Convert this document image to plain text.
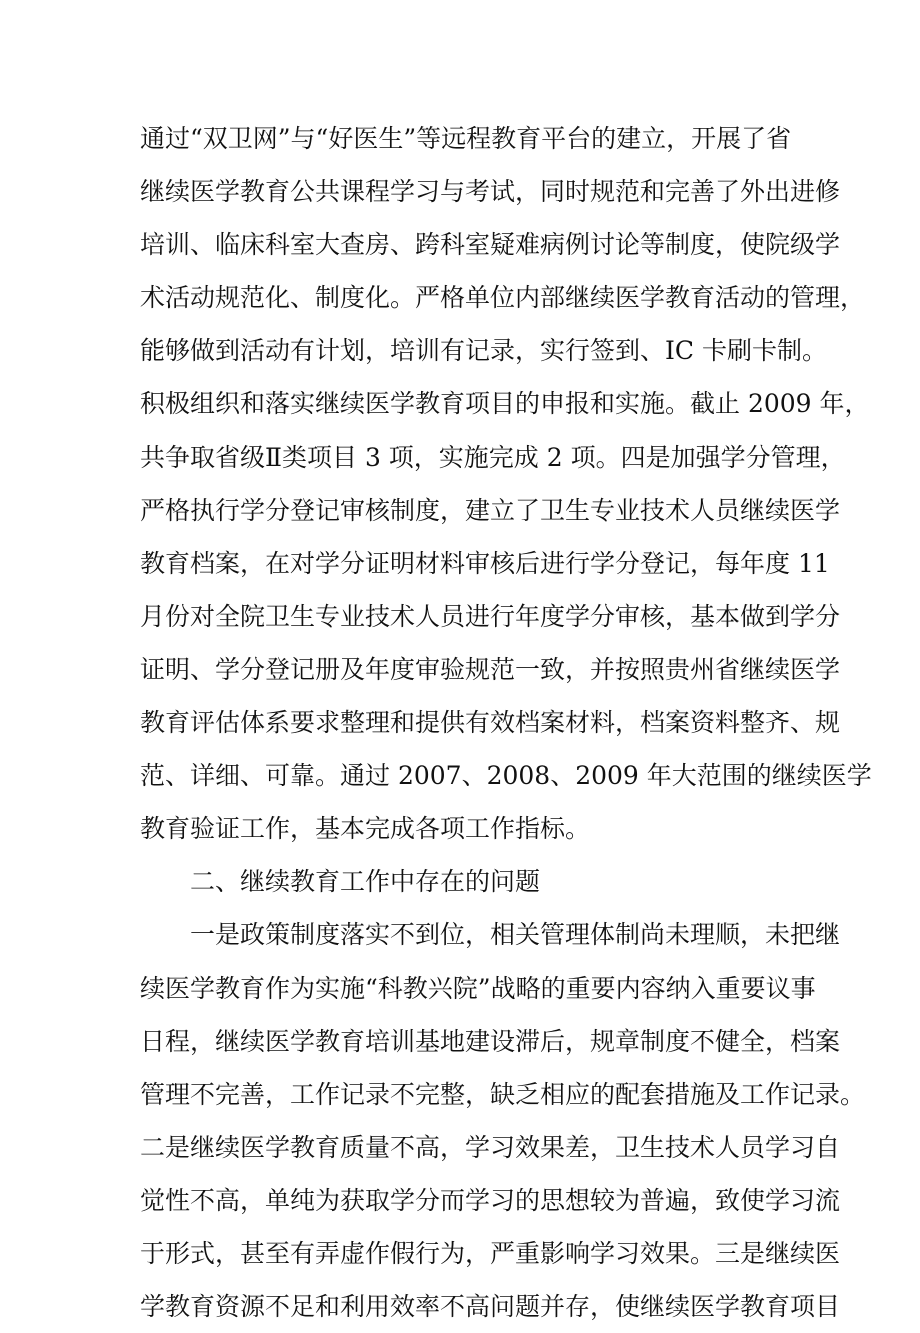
通过“双卫网”与“好医生”等远程教育平台的建立，开展了省
继续医学教育公共课程学习与考试，同时规范和完善了外出进修
培训、临床科室大查房、跨科室疑难病例讨论等制度，使院级学
术活动规范化、制度化。严格单位内部继续医学教育活动的管理，
能够做到活动有计划，培训有记录，实行签到、IC 卡刷卡制。
积极组织和落实继续医学教育项目的申报和实施。截止 2009 年，
共争取省级Ⅱ类项目 3 项，实施完成 2 项。四是加强学分管理，
严格执行学分登记审核制度，建立了卫生专业技术人员继续医学
教育档案，在对学分证明材料审核后进行学分登记，每年度 11
月份对全院卫生专业技术人员进行年度学分审核，基本做到学分
证明、学分登记册及年度审验规范一致，并按照贵州省继续医学
教育评估体系要求整理和提供有效档案材料，档案资料整齐、规
范、详细、可靠。通过 2007、2008、2009 年大范围的继续医学
教育验证工作，基本完成各项工作指标。
二、继续教育工作中存在的问题
一是政策制度落实不到位，相关管理体制尚未理顺，未把继
续医学教育作为实施“科教兴院”战略的重要内容纳入重要议事
日程，继续医学教育培训基地建设滞后，规章制度不健全，档案
管理不完善，工作记录不完整，缺乏相应的配套措施及工作记录。
二是继续医学教育质量不高，学习效果差，卫生技术人员学习自
觉性不高，单纯为获取学分而学习的思想较为普遍，致使学习流
于形式，甚至有弄虚作假行为，严重影响学习效果。三是继续医
学教育资源不足和利用效率不高问题并存，使继续医学教育项目
